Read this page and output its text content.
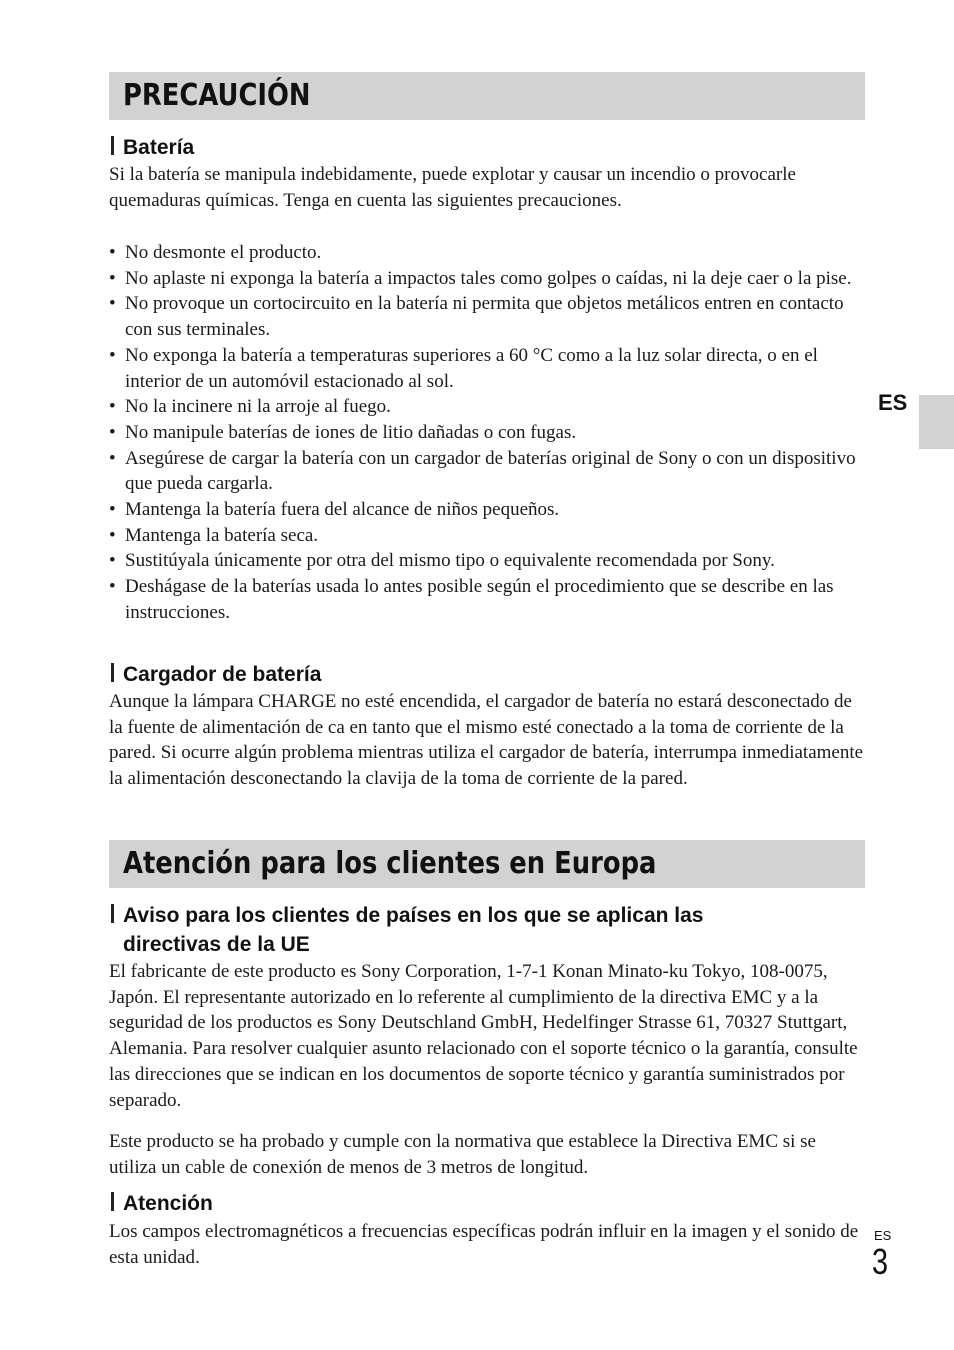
PRECAUCIÓN
Batería

Si la batería se manipula indebidamente, puede explotar y causar un incendio o provocarle quemaduras químicas. Tenga en cuenta las siguientes precauciones.

• No desmonte el producto.
• No aplaste ni exponga la batería a impactos tales como golpes o caídas, ni la deje caer o la pise.
• No provoque un cortocircuito en la batería ni permita que objetos metálicos entren en contacto con sus terminales.
• No exponga la batería a temperaturas superiores a 60 °C como a la luz solar directa, o en el interior de un automóvil estacionado al sol.
• No la incinere ni la arroje al fuego.
• No manipule baterías de iones de litio dañadas o con fugas.
• Asegúrese de cargar la batería con un cargador de baterías original de Sony o con un dispositivo que pueda cargarla.
• Mantenga la batería fuera del alcance de niños pequeños.
• Mantenga la batería seca.
• Sustitúyala únicamente por otra del mismo tipo o equivalente recomendada por Sony.
• Deshágase de la baterías usada lo antes posible según el procedimiento que se describe en las instrucciones.
Cargador de batería

Aunque la lámpara CHARGE no esté encendida, el cargador de batería no estará desconectado de la fuente de alimentación de ca en tanto que el mismo esté conectado a la toma de corriente de la pared. Si ocurre algún problema mientras utiliza el cargador de batería, interrumpa inmediatamente la alimentación desconectando la clavija de la toma de corriente de la pared.

Atención para los clientes en Europa
Aviso para los clientes de países en los que se aplican las
directivas de la UE

El fabricante de este producto es Sony Corporation, 1-7-1 Konan Minato-ku Tokyo, 108-0075, Japón. El representante autorizado en lo referente al cumplimiento de la directiva EMC y a la seguridad de los productos es Sony Deutschland GmbH, Hedelfinger Strasse 61, 70327 Stuttgart, Alemania. Para resolver cualquier asunto relacionado con el soporte técnico o la garantía, consulte las direcciones que se indican en los documentos de soporte técnico y garantía suministrados por separado.

Este producto se ha probado y cumple con la normativa que establece la Directiva EMC si se utiliza un cable de conexión de menos de 3 metros de longitud.

Atención

Los campos electromagnéticos a frecuencias específicas podrán influir en la imagen y el sonido de esta unidad.

ES
ES
3
